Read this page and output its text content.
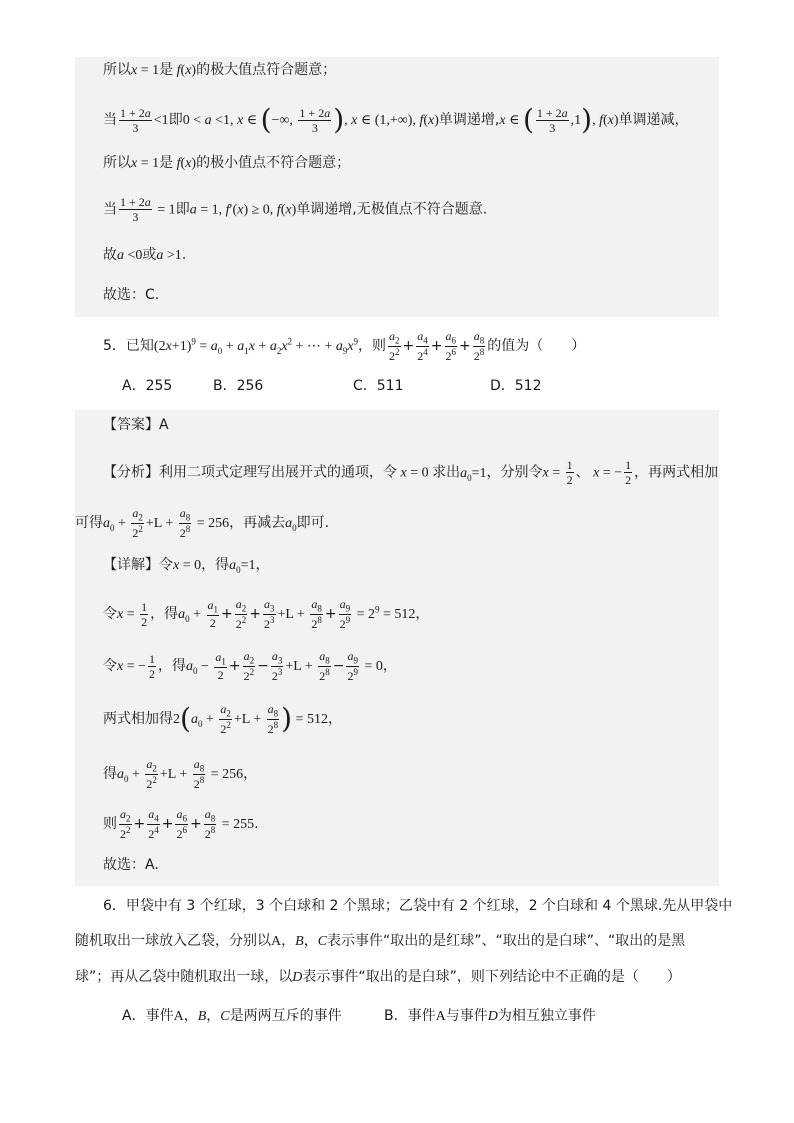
所以x = 1是 f(x)的极大值点符合题意；
当 $\frac{1 + 2a}{3} <1$即0 < a <1, x ∈ (−∞, $\frac{1 + 2a}{3}$ ), x ∈ (1,+∞), f(x)单调递增,x ∈ ( $\frac{1 + 2a}{3} ,1$), f(x)单调递减，
所以x = 1是 f(x)的极小值点不符合题意；
当 $\frac{1 + 2a}{3} = 1$即a = 1, f′(x) ≥ 0, f(x)单调递增,无极值点不符合题意.
故a <0或a >1.
故选：C.
5．已知$(2x+1)^9 = a_0 + a_1x + a_2x^2$ + ⋯ + $a_9x^9$，则 $\frac{a_2}{2^2} + \frac{a_4}{2^4} + \frac{a_6}{2^6} + \frac{a_8}{2^8}$ 的值为（　　）
A．255	B．256	C．511	D．512
【答案】A
【分析】利用二项式定理写出展开式的通项，令 x = 0 求出$a_0=1$，分别令$x = \frac{1}{2}$ 、 x = − $\frac{1}{2}$ ，再两式相加
可得$a_0 + \frac{a_2}{2^2} +L + \frac{a_8}{2^8} = 256$，再减去$a_0$即可.
【详解】令x = 0，得$a_0=1$，
令$x = \frac{1}{2}$ ，得$a_0 + \frac{a_1}{2} + \frac{a_2}{2^2} + \frac{a_3}{2^3} +L + \frac{a_8}{2^8} + \frac{a_9}{2^9} = 2^9 = 512$，
令x = − $\frac{1}{2}$ ，得$a_0 - \frac{a_1}{2} + \frac{a_2}{2^2} - \frac{a_3}{2^3} +L + \frac{a_8}{2^8} - \frac{a_9}{2^9} = 0$，
两式相加得$2(a_0 + \frac{a_2}{2^2} +L + \frac{a_8}{2^8}$ ) = 512，
得$a_0 + \frac{a_2}{2^2} +L + \frac{a_8}{2^8} = 256$，
则 $\frac{a_2}{2^2} + \frac{a_4}{2^4} + \frac{a_6}{2^6} + \frac{a_8}{2^8} = 255$.
故选：A.
6．甲袋中有 3 个红球，3 个白球和 2 个黑球；乙袋中有 2 个红球，2 个白球和 4 个黑球.先从甲袋中
随机取出一球放入乙袋，分别以A，B，C表示事件“取出的是红球”、“取出的是白球”、“取出的是黑
球”；再从乙袋中随机取出一球，以D表示事件“取出的是白球”，则下列结论中不正确的是（　　）
A．事件A，B，C是两两互斥的事件	B．事件A与事件D为相互独立事件
